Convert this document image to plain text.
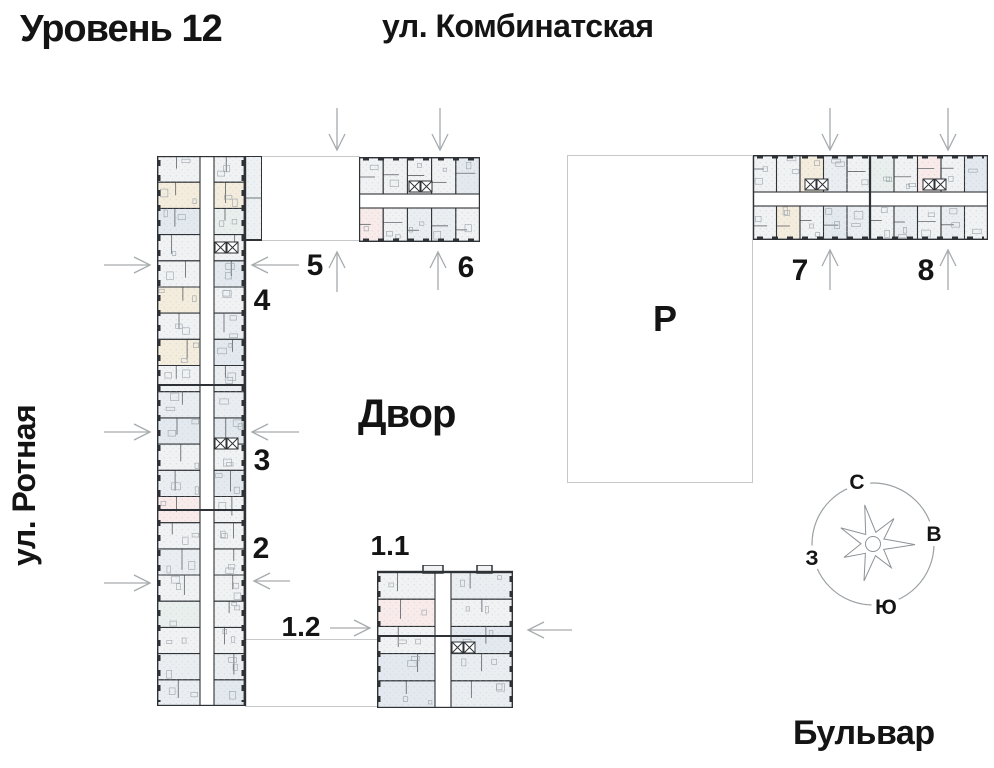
Уровень 12	ул. Комбинатская
ул. Ротная
Бульвар
Двор
Р
5	6	7	8
4
3
2	1.1
1.2
С
В
З
Ю
